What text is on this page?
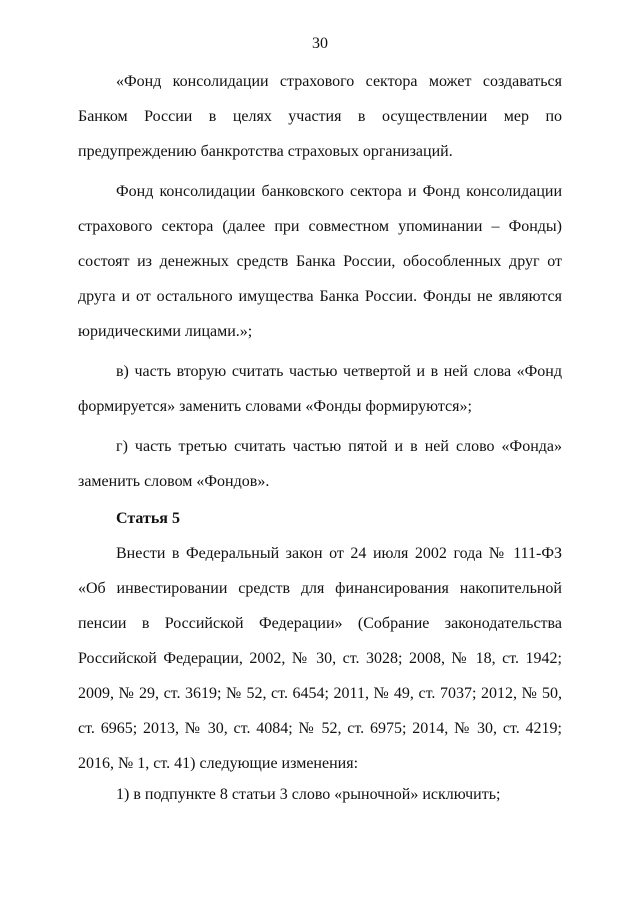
30

«Фонд консолидации страхового сектора может создаваться Банком России в целях участия в осуществлении мер по предупреждению банкротства страховых организаций.

Фонд консолидации банковского сектора и Фонд консолидации страхового сектора (далее при совместном упоминании – Фонды) состоят из денежных средств Банка России, обособленных друг от друга и от остального имущества Банка России. Фонды не являются юридическими лицами.»;

в) часть вторую считать частью четвертой и в ней слова «Фонд формируется» заменить словами «Фонды формируются»;

г) часть третью считать частью пятой и в ней слово «Фонда» заменить словом «Фондов».

Статья 5

Внести в Федеральный закон от 24 июля 2002 года № 111-ФЗ «Об инвестировании средств для финансирования накопительной пенсии в Российской Федерации» (Собрание законодательства Российской Федерации, 2002, № 30, ст. 3028; 2008, № 18, ст. 1942; 2009, № 29, ст. 3619; № 52, ст. 6454; 2011, № 49, ст. 7037; 2012, № 50, ст. 6965; 2013, № 30, ст. 4084; № 52, ст. 6975; 2014, № 30, ст. 4219; 2016, № 1, ст. 41) следующие изменения:

1) в подпункте 8 статьи 3 слово «рыночной» исключить;
